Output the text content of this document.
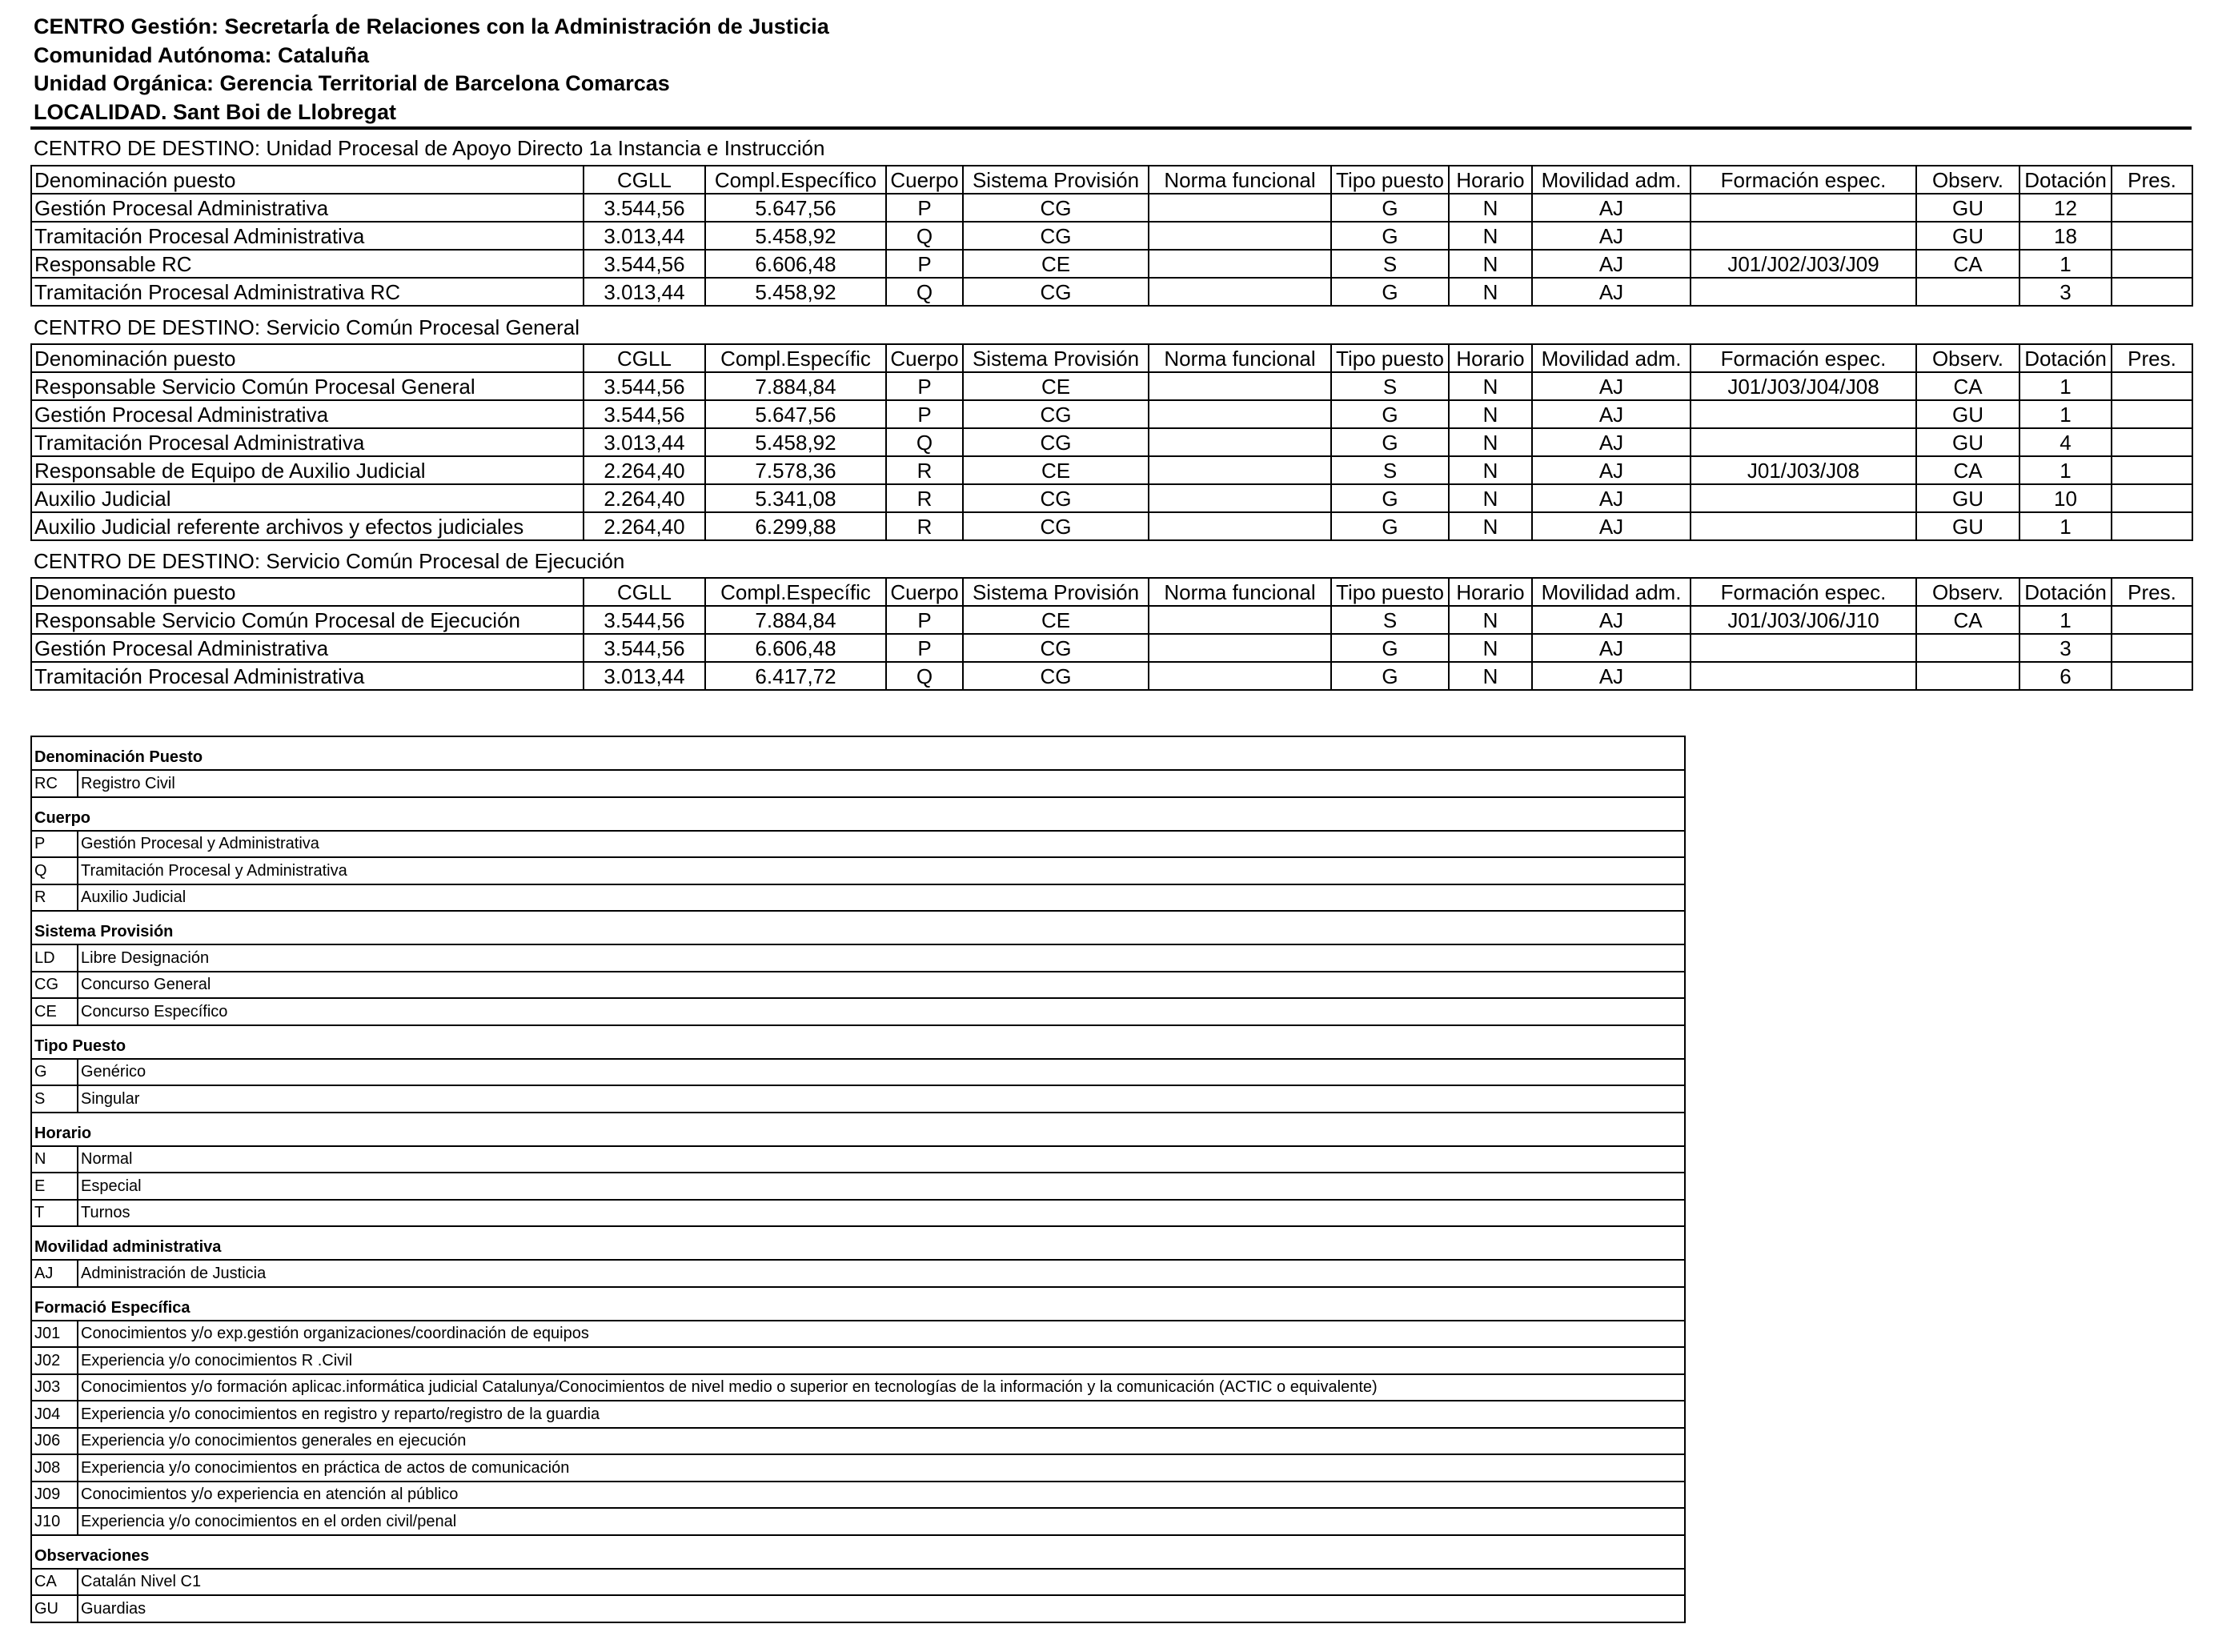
CENTRO Gestión: SecretarÍa de Relaciones con la Administración de Justicia
Comunidad Autónoma: Cataluña
Unidad Orgánica: Gerencia Territorial de Barcelona Comarcas
LOCALIDAD. Sant Boi de Llobregat
CENTRO DE DESTINO: Unidad Procesal de Apoyo Directo 1a Instancia e Instrucción
Denominación puesto	CGLL	Compl.Específico	Cuerpo	Sistema Provisión	Norma funcional	Tipo puesto	Horario	Movilidad adm.	Formación espec.	Observ.	Dotación	Pres.
Gestión Procesal Administrativa	3.544,56	5.647,56	P	CG		G	N	AJ		GU	12	
Tramitación Procesal Administrativa	3.013,44	5.458,92	Q	CG		G	N	AJ		GU	18	
Responsable RC	3.544,56	6.606,48	P	CE		S	N	AJ	J01/J02/J03/J09	CA	1	
Tramitación Procesal Administrativa RC	3.013,44	5.458,92	Q	CG		G	N	AJ			3	
CENTRO DE DESTINO: Servicio Común Procesal General
Denominación puesto	CGLL	Compl.Específic	Cuerpo	Sistema Provisión	Norma funcional	Tipo puesto	Horario	Movilidad adm.	Formación espec.	Observ.	Dotación	Pres.
Responsable Servicio Común Procesal General	3.544,56	7.884,84	P	CE		S	N	AJ	J01/J03/J04/J08	CA	1	
Gestión Procesal Administrativa	3.544,56	5.647,56	P	CG		G	N	AJ		GU	1	
Tramitación Procesal Administrativa	3.013,44	5.458,92	Q	CG		G	N	AJ		GU	4	
Responsable de Equipo de Auxilio Judicial	2.264,40	7.578,36	R	CE		S	N	AJ	J01/J03/J08	CA	1	
Auxilio Judicial	2.264,40	5.341,08	R	CG		G	N	AJ		GU	10	
Auxilio Judicial referente archivos y efectos judiciales	2.264,40	6.299,88	R	CG		G	N	AJ		GU	1	
CENTRO DE DESTINO: Servicio Común Procesal de Ejecución
Denominación puesto	CGLL	Compl.Específic	Cuerpo	Sistema Provisión	Norma funcional	Tipo puesto	Horario	Movilidad adm.	Formación espec.	Observ.	Dotación	Pres.
Responsable Servicio Común Procesal de Ejecución	3.544,56	7.884,84	P	CE		S	N	AJ	J01/J03/J06/J10	CA	1	
Gestión Procesal Administrativa	3.544,56	6.606,48	P	CG		G	N	AJ			3	
Tramitación Procesal Administrativa	3.013,44	6.417,72	Q	CG		G	N	AJ			6	
Denominación Puesto	
RC	Registro Civil
Cuerpo	
P	Gestión Procesal y Administrativa
Q	Tramitación Procesal y Administrativa
R	Auxilio Judicial
Sistema Provisión	
LD	Libre Designación
CG	Concurso General
CE	Concurso Específico
Tipo Puesto	
G	Genérico
S	Singular
Horario	
N	Normal
E	Especial
T	Turnos
Movilidad administrativa	
AJ	Administración de Justicia
Formació Específica	
J01	Conocimientos y/o exp.gestión organizaciones/coordinación de equipos
J02	Experiencia y/o conocimientos R .Civil
J03	Conocimientos y/o formación aplicac.informática judicial Catalunya/Conocimientos de nivel medio o superior en tecnologías de la información y la comunicación (ACTIC o equivalente)
J04	Experiencia y/o conocimientos en registro y reparto/registro de la guardia
J06	Experiencia y/o conocimientos generales en ejecución
J08	Experiencia y/o conocimientos en práctica de actos de comunicación
J09	Conocimientos y/o experiencia en atención al público
J10	Experiencia y/o conocimientos en el orden civil/penal
Observaciones	
CA	Catalán Nivel C1
GU	Guardias
